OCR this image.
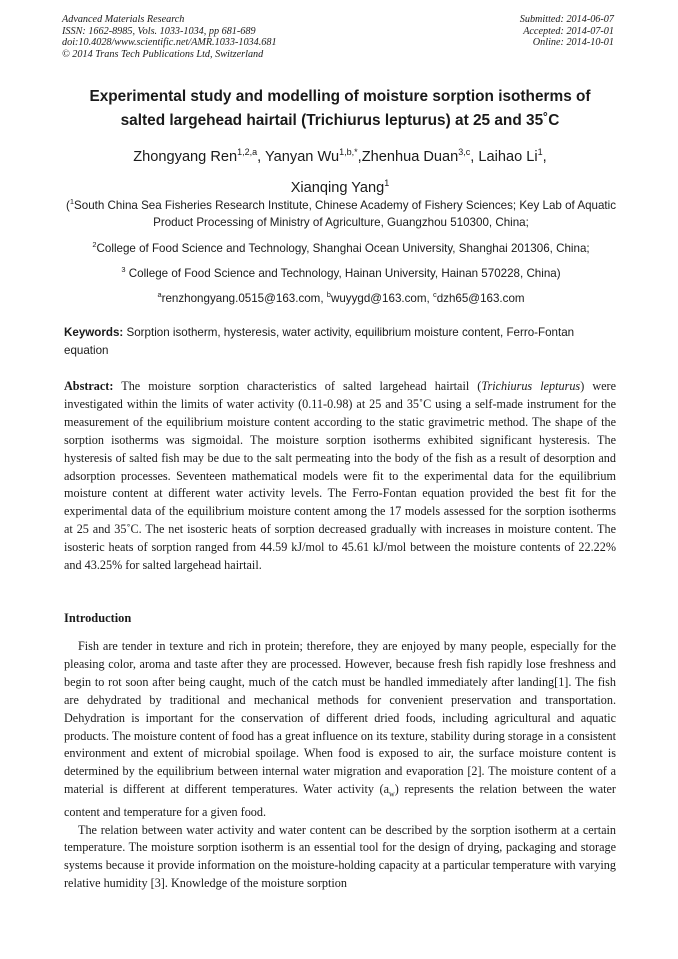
Advanced Materials Research
ISSN: 1662-8985, Vols. 1033-1034, pp 681-689
doi:10.4028/www.scientific.net/AMR.1033-1034.681
© 2014 Trans Tech Publications Ltd, Switzerland
Submitted: 2014-06-07
Accepted: 2014-07-01
Online: 2014-10-01
Experimental study and modelling of moisture sorption isotherms of
salted largehead hairtail (Trichiurus lepturus) at 25 and 35˚C
Zhongyang Ren$^{1,2,a}$, Yanyan $Wu^{1,b,*},Zhenhua$ Duan$^{3,c}$, Laihao Li$^1$,
Xianqing Yang$^1$
($^1$South China Sea Fisheries Research Institute, Chinese Academy of Fishery Sciences; Key Lab of Aquatic Product Processing of Ministry of Agriculture, Guangzhou 510300, China;
$^2$College of Food Science and Technology, Shanghai Ocean University, Shanghai 201306, China;
$^3$ College of Food Science and Technology, Hainan University, Hainan 570228, China)
$^a$renzhongyang.0515@163.com, $^b$wuyygd@163.com, $^c$dzh65@163.com
Keywords: Sorption isotherm, hysteresis, water activity, equilibrium moisture content, Ferro-Fontan equation
Abstract: The moisture sorption characteristics of salted largehead hairtail (Trichiurus lepturus) were investigated within the limits of water activity (0.11-0.98) at 25 and 35˚C using a self-made instrument for the measurement of the equilibrium moisture content according to the static gravimetric method. The shape of the sorption isotherms was sigmoidal. The moisture sorption isotherms exhibited significant hysteresis. The hysteresis of salted fish may be due to the salt permeating into the body of the fish as a result of desorption and adsorption processes. Seventeen mathematical models were fit to the experimental data for the equilibrium moisture content at different water activity levels. The Ferro-Fontan equation provided the best fit for the experimental data of the equilibrium moisture content among the 17 models assessed for the sorption isotherms at 25 and 35˚C. The net isosteric heats of sorption decreased gradually with increases in moisture content. The isosteric heats of sorption ranged from 44.59 kJ/mol to 45.61 kJ/mol between the moisture contents of 22.22% and 43.25% for salted largehead hairtail.
Introduction

Fish are tender in texture and rich in protein; therefore, they are enjoyed by many people, especially for the pleasing color, aroma and taste after they are processed. However, because fresh fish rapidly lose freshness and begin to rot soon after being caught, much of the catch must be handled immediately after landing[1]. The fish are dehydrated by traditional and mechanical methods for convenient preservation and transportation. Dehydration is important for the conservation of different dried foods, including agricultural and aquatic products. The moisture content of food has a great influence on its texture, stability during storage in a consistent environment and extent of microbial spoilage. When food is exposed to air, the surface moisture content is determined by the equilibrium between internal water migration and evaporation [2]. The moisture content of a material is different at different temperatures. Water activity $(a_w)$ represents the relation between the water content and temperature for a given food.

The relation between water activity and water content can be described by the sorption isotherm at a certain temperature. The moisture sorption isotherm is an essential tool for the design of drying, packaging and storage systems because it provide information on the moisture-holding capacity at a particular temperature with varying relative humidity [3]. Knowledge of the moisture sorption
